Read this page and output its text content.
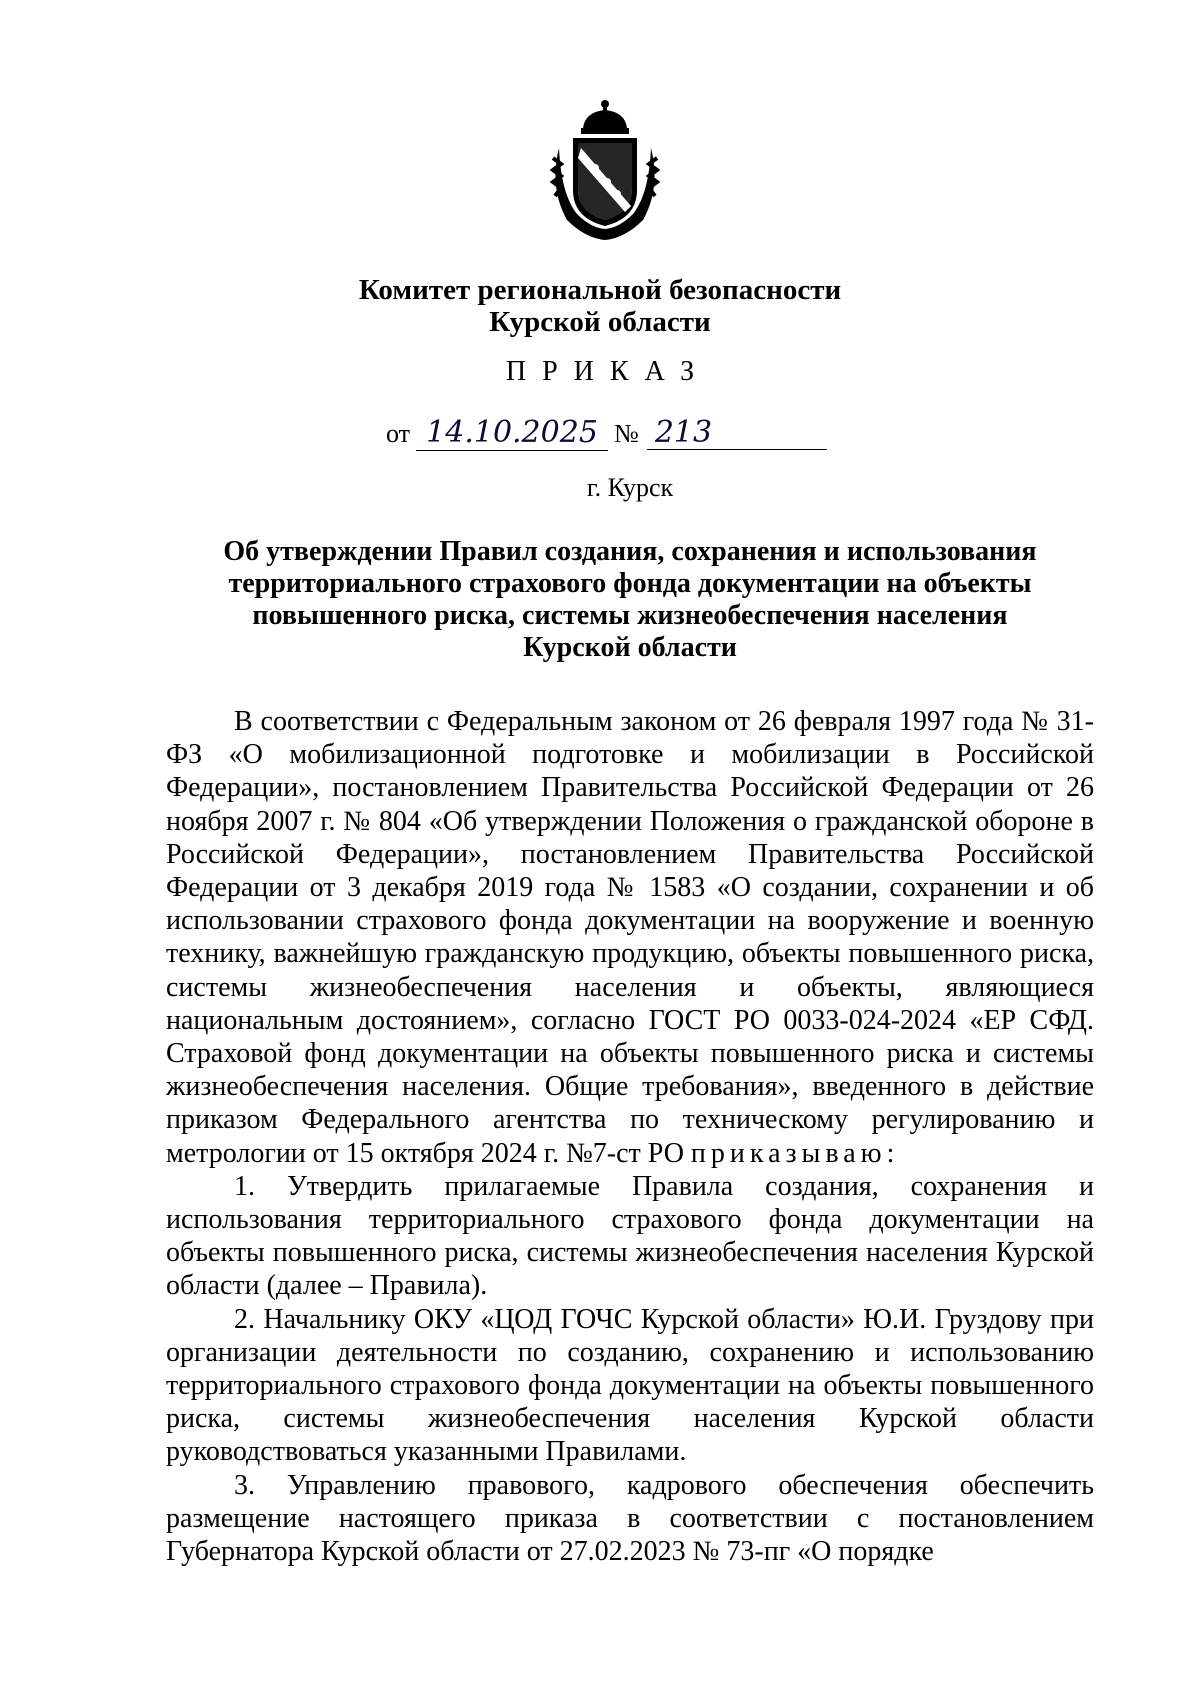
Комитет региональной безопасности
Курской области
ПРИКАЗ
от 14.10.2025 № 213
г. Курск
Об утверждении Правил создания, сохранения и использования
территориального страхового фонда документации на объекты
повышенного риска, системы жизнеобеспечения населения
Курской области

В соответствии с Федеральным законом от 26 февраля 1997 года № 31-ФЗ «О мобилизационной подготовке и мобилизации в Российской Федерации», постановлением Правительства Российской Федерации от 26 ноября 2007 г. № 804 «Об утверждении Положения о гражданской обороне в Российской Федерации», постановлением Правительства Российской Федерации от 3 декабря 2019 года № 1583 «О создании, сохранении и об использовании страхового фонда документации на вооружение и военную технику, важнейшую гражданскую продукцию, объекты повышенного риска, системы жизнеобеспечения населения и объекты, являющиеся национальным достоянием», согласно ГОСТ РО 0033-024-2024 «ЕР СФД. Страховой фонд документации на объекты повышенного риска и системы жизнеобеспечения населения. Общие требования», введенного в действие приказом Федерального агентства по техническому регулированию и метрологии от 15 октября 2024 г. №7-ст РО приказываю:

1. Утвердить прилагаемые Правила создания, сохранения и использования территориального страхового фонда документации на объекты повышенного риска, системы жизнеобеспечения населения Курской области (далее – Правила).

2. Начальнику ОКУ «ЦОД ГОЧС Курской области» Ю.И. Груздову при организации деятельности по созданию, сохранению и использованию территориального страхового фонда документации на объекты повышенного риска, системы жизнеобеспечения населения Курской области руководствоваться указанными Правилами.

3. Управлению правового, кадрового обеспечения обеспечить размещение настоящего приказа в соответствии с постановлением Губернатора Курской области от 27.02.2023 № 73-пг «О порядке
